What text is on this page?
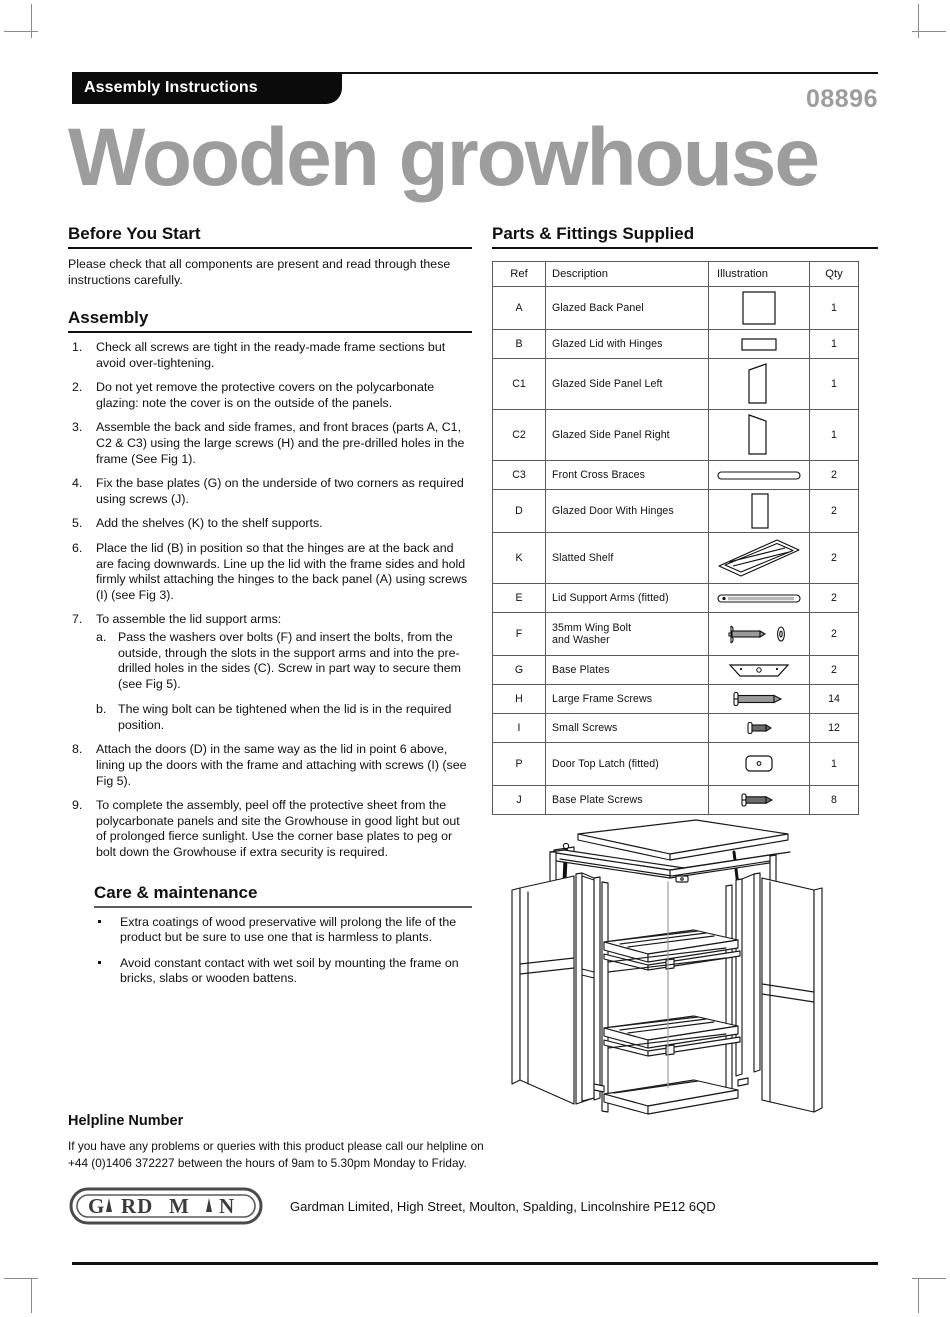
Assembly Instructions	08896
Wooden growhouse
Before You Start

Please check that all components are present and read through these instructions carefully.

Assembly
1.	Check all screws are tight in the ready-made frame sections but avoid over-tightening.
2.	Do not yet remove the protective covers on the polycarbonate glazing: note the cover is on the outside of the panels.
3.	Assemble the back and side frames, and front braces (parts A, C1, C2 & C3) using the large screws (H) and the pre-drilled holes in the frame (See Fig 1).
4.	Fix the base plates (G) on the underside of two corners as required using screws (J).
5.	Add the shelves (K) to the shelf supports.
6.	Place the lid (B) in position so that the hinges are at the back and are facing downwards. Line up the lid with the frame sides and hold firmly whilst attaching the hinges to the back panel (A) using screws (I) (see Fig 3).
7.	To assemble the lid support arms:
a. Pass the washers over bolts (F) and insert the bolts, from the outside, through the slots in the support arms and into the pre-drilled holes in the sides (C). Screw in part way to secure them (see Fig 5).
b. The wing bolt can be tightened when the lid is in the required position.
8.	Attach the doors (D) in the same way as the lid in point 6 above, lining up the doors with the frame and attaching with screws (I) (see Fig 5).
9.	To complete the assembly, peel off the protective sheet from the polycarbonate panels and site the Growhouse in good light but out of prolonged fierce sunlight. Use the corner base plates to peg or bolt down the Growhouse if extra security is required.
Care & maintenance
Extra coatings of wood preservative will prolong the life of the product but be sure to use one that is harmless to plants.
Avoid constant contact with wet soil by mounting the frame on bricks, slabs or wooden battens.
Parts & Fittings Supplied
Ref	Description	Illustration	Qty
A	Glazed Back Panel		1
B	Glazed Lid with Hinges		1
C1	Glazed Side Panel Left		1
C2	Glazed Side Panel Right		1
C3	Front Cross Braces		2
D	Glazed Door With Hinges		2
K	Slatted Shelf		2
E	Lid Support Arms (fitted)		2
F	35mm Wing Bolt
and Washer		2
G	Base Plates		2
H	Large Frame Screws		14
I	Small Screws		12
P	Door Top Latch (fitted)		1
J	Base Plate Screws		8
Helpline Number

If you have any problems or queries with this product please call our helpline on

+44 (0)1406 372227 between the hours of 9am to 5.30pm Monday to Friday.

G RD M N	Gardman Limited, High Street, Moulton, Spalding, Lincolnshire PE12 6QD
